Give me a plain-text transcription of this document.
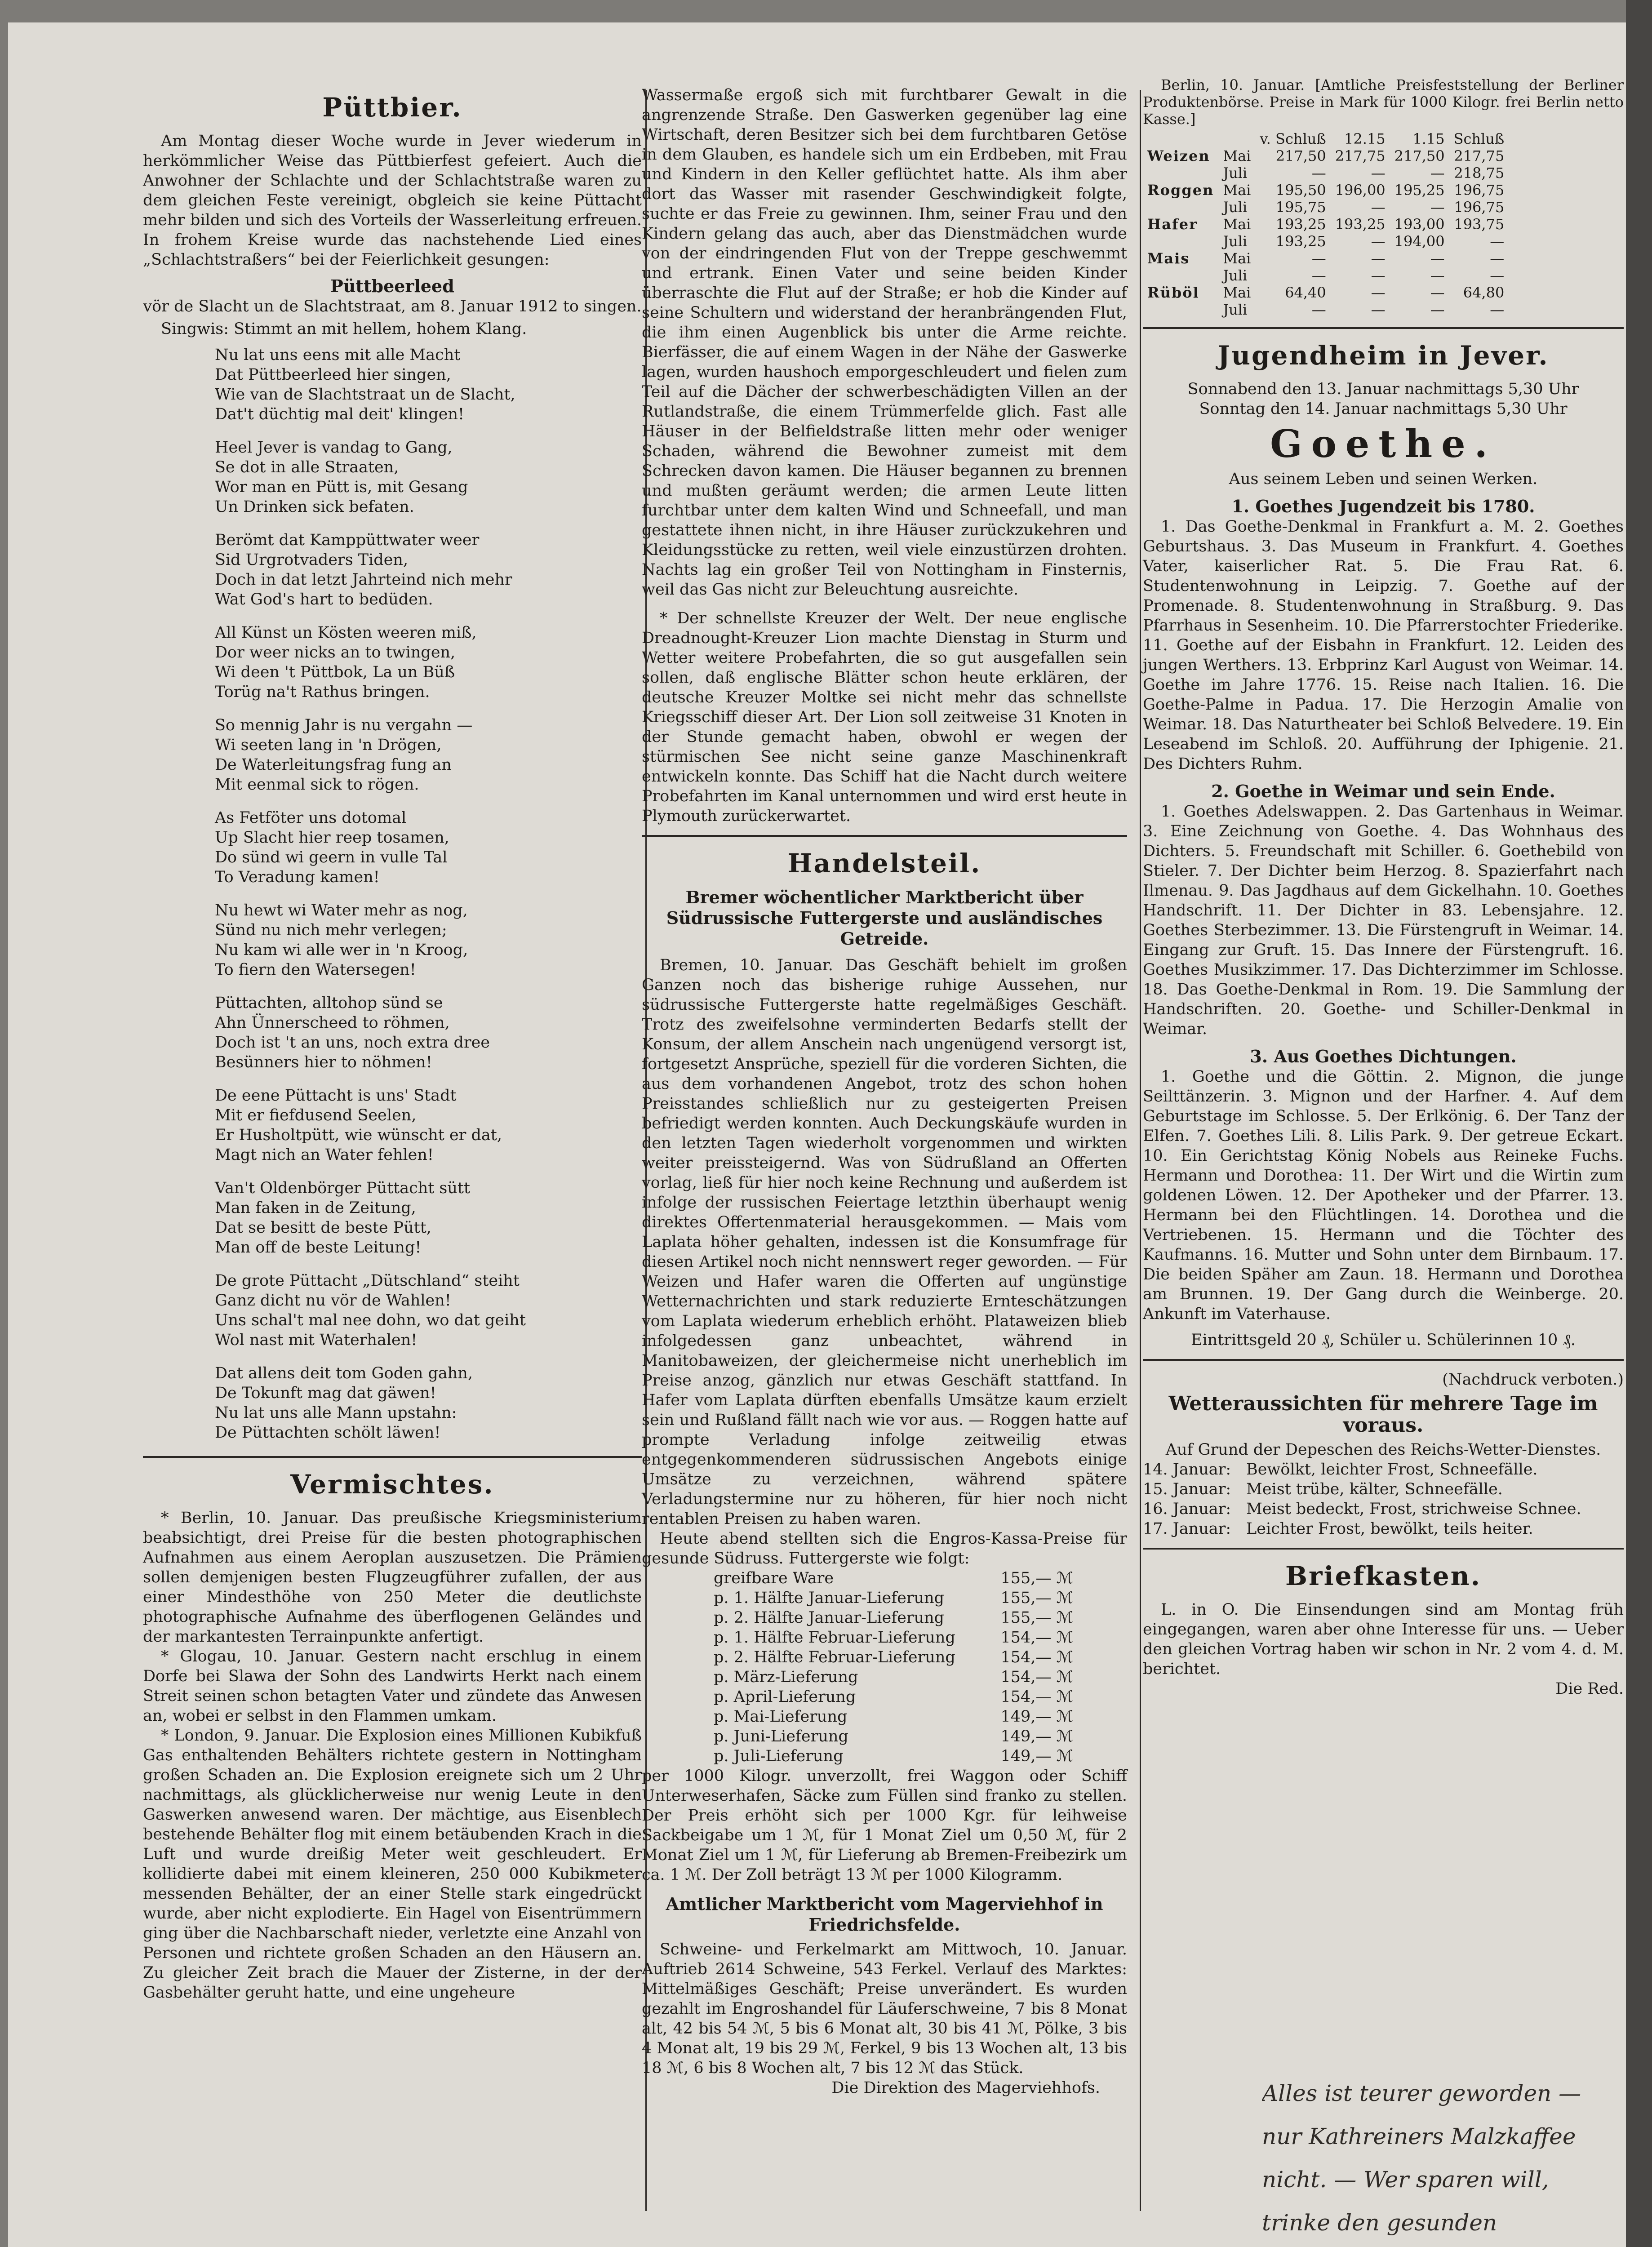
Püttbier.

Am Montag dieser Woche wurde in Jever wiederum in herkömmlicher Weise das Püttbierfest gefeiert. Auch die Anwohner der Schlachte und der Schlachtstraße waren zu dem gleichen Feste vereinigt, obgleich sie keine Püttacht mehr bilden und sich des Vorteils der Wasserleitung erfreuen. In frohem Kreise wurde das nachstehende Lied eines „Schlachtstraßers“ bei der Feierlichkeit gesungen:

Püttbeerleed
vör de Slacht un de Slachtstraat, am 8. Januar 1912 to singen.
Singwis: Stimmt an mit hellem, hohem Klang.
Nu lat uns eens mit alle Macht
Dat Püttbeerleed hier singen,
Wie van de Slachtstraat un de Slacht,
Dat't düchtig mal deit' klingen!
Heel Jever is vandag to Gang,
Se dot in alle Straaten,
Wor man en Pütt is, mit Gesang
Un Drinken sick befaten.
Berömt dat Kamppüttwater weer
Sid Urgrotvaders Tiden,
Doch in dat letzt Jahrteind nich mehr
Wat God's hart to bedüden.
All Künst un Kösten weeren miß,
Dor weer nicks an to twingen,
Wi deen 't Püttbok, La un Büß
Torüg na't Rathus bringen.
So mennig Jahr is nu vergahn —
Wi seeten lang in 'n Drögen,
De Waterleitungsfrag fung an
Mit eenmal sick to rögen.
As Fetföter uns dotomal
Up Slacht hier reep tosamen,
Do sünd wi geern in vulle Tal
To Veradung kamen!
Nu hewt wi Water mehr as nog,
Sünd nu nich mehr verlegen;
Nu kam wi alle wer in 'n Kroog,
To fiern den Watersegen!
Püttachten, alltohop sünd se
Ahn Ünnerscheed to röhmen,
Doch ist 't an uns, noch extra dree
Besünners hier to nöhmen!
De eene Püttacht is uns' Stadt
Mit er fiefdusend Seelen,
Er Husholtpütt, wie wünscht er dat,
Magt nich an Water fehlen!
Van't Oldenbörger Püttacht sütt
Man faken in de Zeitung,
Dat se besitt de beste Pütt,
Man off de beste Leitung!
De grote Püttacht „Dütschland“ steiht
Ganz dicht nu vör de Wahlen!
Uns schal't mal nee dohn, wo dat geiht
Wol nast mit Waterhalen!
Dat allens deit tom Goden gahn,
De Tokunft mag dat gäwen!
Nu lat uns alle Mann upstahn:
De Püttachten schölt läwen!
Vermischtes.

* Berlin, 10. Januar. Das preußische Kriegsministerium beabsichtigt, drei Preise für die besten photographischen Aufnahmen aus einem Aeroplan auszusetzen. Die Prämien sollen demjenigen besten Flugzeugführer zufallen, der aus einer Mindesthöhe von 250 Meter die deutlichste photographische Aufnahme des überflogenen Geländes und der markantesten Terrainpunkte anfertigt.

* Glogau, 10. Januar. Gestern nacht erschlug in einem Dorfe bei Slawa der Sohn des Landwirts Herkt nach einem Streit seinen schon betagten Vater und zündete das Anwesen an, wobei er selbst in den Flammen umkam.

* London, 9. Januar. Die Explosion eines Millionen Kubikfuß Gas enthaltenden Behälters richtete gestern in Nottingham großen Schaden an. Die Explosion ereignete sich um 2 Uhr nachmittags, als glücklicherweise nur wenig Leute in den Gaswerken anwesend waren. Der mächtige, aus Eisenblech bestehende Behälter flog mit einem betäubenden Krach in die Luft und wurde dreißig Meter weit geschleudert. Er kollidierte dabei mit einem kleineren, 250 000 Kubikmeter messenden Behälter, der an einer Stelle stark eingedrückt wurde, aber nicht explodierte. Ein Hagel von Eisentrümmern ging über die Nachbarschaft nieder, verletzte eine Anzahl von Personen und richtete großen Schaden an den Häusern an. Zu gleicher Zeit brach die Mauer der Zisterne, in der der Gasbehälter geruht hatte, und eine ungeheure

Wassermaße ergoß sich mit furchtbarer Gewalt in die angrenzende Straße. Den Gaswerken gegenüber lag eine Wirtschaft, deren Besitzer sich bei dem furchtbaren Getöse in dem Glauben, es handele sich um ein Erdbeben, mit Frau und Kindern in den Keller geflüchtet hatte. Als ihm aber dort das Wasser mit rasender Geschwindigkeit folgte, suchte er das Freie zu gewinnen. Ihm, seiner Frau und den Kindern gelang das auch, aber das Dienstmädchen wurde von der eindringenden Flut von der Treppe geschwemmt und ertrank. Einen Vater und seine beiden Kinder überraschte die Flut auf der Straße; er hob die Kinder auf seine Schultern und widerstand der heranbrängenden Flut, die ihm einen Augenblick bis unter die Arme reichte. Bierfässer, die auf einem Wagen in der Nähe der Gaswerke lagen, wurden haushoch emporgeschleudert und fielen zum Teil auf die Dächer der schwerbeschädigten Villen an der Rutlandstraße, die einem Trümmerfelde glich. Fast alle Häuser in der Belfieldstraße litten mehr oder weniger Schaden, während die Bewohner zumeist mit dem Schrecken davon kamen. Die Häuser begannen zu brennen und mußten geräumt werden; die armen Leute litten furchtbar unter dem kalten Wind und Schneefall, und man gestattete ihnen nicht, in ihre Häuser zurückzukehren und Kleidungsstücke zu retten, weil viele einzustürzen drohten. Nachts lag ein großer Teil von Nottingham in Finsternis, weil das Gas nicht zur Beleuchtung ausreichte.

* Der schnellste Kreuzer der Welt. Der neue englische Dreadnought-Kreuzer Lion machte Dienstag in Sturm und Wetter weitere Probefahrten, die so gut ausgefallen sein sollen, daß englische Blätter schon heute erklären, der deutsche Kreuzer Moltke sei nicht mehr das schnellste Kriegsschiff dieser Art. Der Lion soll zeitweise 31 Knoten in der Stunde gemacht haben, obwohl er wegen der stürmischen See nicht seine ganze Maschinenkraft entwickeln konnte. Das Schiff hat die Nacht durch weitere Probefahrten im Kanal unternommen und wird erst heute in Plymouth zurückerwartet.

Handelsteil.
Bremer wöchentlicher Marktbericht über Südrussische Futtergerste und ausländisches Getreide.

Bremen, 10. Januar. Das Geschäft behielt im großen Ganzen noch das bisherige ruhige Aussehen, nur südrussische Futtergerste hatte regelmäßiges Geschäft. Trotz des zweifelsohne verminderten Bedarfs stellt der Konsum, der allem Anschein nach ungenügend versorgt ist, fortgesetzt Ansprüche, speziell für die vorderen Sichten, die aus dem vorhandenen Angebot, trotz des schon hohen Preisstandes schließlich nur zu gesteigerten Preisen befriedigt werden konnten. Auch Deckungskäufe wurden in den letzten Tagen wiederholt vorgenommen und wirkten weiter preissteigernd. Was von Südrußland an Offerten vorlag, ließ für hier noch keine Rechnung und außerdem ist infolge der russischen Feiertage letzthin überhaupt wenig direktes Offertenmaterial herausgekommen. — Mais vom Laplata höher gehalten, indessen ist die Konsumfrage für diesen Artikel noch nicht nennswert reger geworden. — Für Weizen und Hafer waren die Offerten auf ungünstige Wetternachrichten und stark reduzierte Ernteschätzungen vom Laplata wiederum erheblich erhöht. Plataweizen blieb infolgedessen ganz unbeachtet, während in Manitobaweizen, der gleichermeise nicht unerheblich im Preise anzog, gänzlich nur etwas Geschäft stattfand. In Hafer vom Laplata dürften ebenfalls Umsätze kaum erzielt sein und Rußland fällt nach wie vor aus. — Roggen hatte auf prompte Verladung infolge zeitweilig etwas entgegenkommenderen südrussischen Angebots einige Umsätze zu verzeichnen, während spätere Verladungstermine nur zu höheren, für hier noch nicht rentablen Preisen zu haben waren.

Heute abend stellten sich die Engros-Kassa-Preise für gesunde Südruss. Futtergerste wie folgt:

greifbare Ware	155,— ℳ
p. 1. Hälfte Januar-Lieferung	155,— ℳ
p. 2. Hälfte Januar-Lieferung	155,— ℳ
p. 1. Hälfte Februar-Lieferung	154,— ℳ
p. 2. Hälfte Februar-Lieferung	154,— ℳ
p. März-Lieferung	154,— ℳ
p. April-Lieferung	154,— ℳ
p. Mai-Lieferung	149,— ℳ
p. Juni-Lieferung	149,— ℳ
p. Juli-Lieferung	149,— ℳ

per 1000 Kilogr. unverzollt, frei Waggon oder Schiff Unterweserhafen, Säcke zum Füllen sind franko zu stellen. Der Preis erhöht sich per 1000 Kgr. für leihweise Sackbeigabe um 1 ℳ, für 1 Monat Ziel um 0,50 ℳ, für 2 Monat Ziel um 1 ℳ, für Lieferung ab Bremen-Freibezirk um ca. 1 ℳ. Der Zoll beträgt 13 ℳ per 1000 Kilogramm.

Amtlicher Marktbericht vom Magerviehhof in Friedrichsfelde.

Schweine- und Ferkelmarkt am Mittwoch, 10. Januar. Auftrieb 2614 Schweine, 543 Ferkel. Verlauf des Marktes: Mittelmäßiges Geschäft; Preise unverändert. Es wurden gezahlt im Engroshandel für Läuferschweine, 7 bis 8 Monat alt, 42 bis 54 ℳ, 5 bis 6 Monat alt, 30 bis 41 ℳ, Pölke, 3 bis 4 Monat alt, 19 bis 29 ℳ, Ferkel, 9 bis 13 Wochen alt, 13 bis 18 ℳ, 6 bis 8 Wochen alt, 7 bis 12 ℳ das Stück.

Die Direktion des Magerviehhofs.

Berlin, 10. Januar. [Amtliche Preisfeststellung der Berliner Produktenbörse. Preise in Mark für 1000 Kilogr. frei Berlin netto Kasse.]

		v. Schluß	12.15	1.15	Schluß
Weizen	Mai	217,50	217,75	217,50	217,75
	Juli	—	—	—	218,75
Roggen	Mai	195,50	196,00	195,25	196,75
	Juli	195,75	—	—	196,75
Hafer	Mai	193,25	193,25	193,00	193,75
	Juli	193,25	—	194,00	—
Mais	Mai	—	—	—	—
	Juli	—	—	—	—
Rüböl	Mai	64,40	—	—	64,80
	Juli	—	—	—	—
Jugendheim in Jever.
Sonnabend den 13. Januar nachmittags 5,30 Uhr
Sonntag den 14. Januar nachmittags 5,30 Uhr
Goethe.
Aus seinem Leben und seinen Werken.
1. Goethes Jugendzeit bis 1780.

1. Das Goethe-Denkmal in Frankfurt a. M. 2. Goethes Geburtshaus. 3. Das Museum in Frankfurt. 4. Goethes Vater, kaiserlicher Rat. 5. Die Frau Rat. 6. Studentenwohnung in Leipzig. 7. Goethe auf der Promenade. 8. Studentenwohnung in Straßburg. 9. Das Pfarrhaus in Sesenheim. 10. Die Pfarrerstochter Friederike. 11. Goethe auf der Eisbahn in Frankfurt. 12. Leiden des jungen Werthers. 13. Erbprinz Karl August von Weimar. 14. Goethe im Jahre 1776. 15. Reise nach Italien. 16. Die Goethe-Palme in Padua. 17. Die Herzogin Amalie von Weimar. 18. Das Naturtheater bei Schloß Belvedere. 19. Ein Leseabend im Schloß. 20. Aufführung der Iphigenie. 21. Des Dichters Ruhm.

2. Goethe in Weimar und sein Ende.

1. Goethes Adelswappen. 2. Das Gartenhaus in Weimar. 3. Eine Zeichnung von Goethe. 4. Das Wohnhaus des Dichters. 5. Freundschaft mit Schiller. 6. Goethebild von Stieler. 7. Der Dichter beim Herzog. 8. Spazierfahrt nach Ilmenau. 9. Das Jagdhaus auf dem Gickelhahn. 10. Goethes Handschrift. 11. Der Dichter in 83. Lebensjahre. 12. Goethes Sterbezimmer. 13. Die Fürstengruft in Weimar. 14. Eingang zur Gruft. 15. Das Innere der Fürstengruft. 16. Goethes Musikzimmer. 17. Das Dichterzimmer im Schlosse. 18. Das Goethe-Denkmal in Rom. 19. Die Sammlung der Handschriften. 20. Goethe- und Schiller-Denkmal in Weimar.

3. Aus Goethes Dichtungen.

1. Goethe und die Göttin. 2. Mignon, die junge Seilttänzerin. 3. Mignon und der Harfner. 4. Auf dem Geburtstage im Schlosse. 5. Der Erlkönig. 6. Der Tanz der Elfen. 7. Goethes Lili. 8. Lilis Park. 9. Der getreue Eckart. 10. Ein Gerichtstag König Nobels aus Reineke Fuchs. Hermann und Dorothea: 11. Der Wirt und die Wirtin zum goldenen Löwen. 12. Der Apotheker und der Pfarrer. 13. Hermann bei den Flüchtlingen. 14. Dorothea und die Vertriebenen. 15. Hermann und die Töchter des Kaufmanns. 16. Mutter und Sohn unter dem Birnbaum. 17. Die beiden Späher am Zaun. 18. Hermann und Dorothea am Brunnen. 19. Der Gang durch die Weinberge. 20. Ankunft im Vaterhause.

Eintrittsgeld 20 ₰, Schüler u. Schülerinnen 10 ₰.
(Nachdruck verboten.)
Wetteraussichten für mehrere Tage im voraus.
Auf Grund der Depeschen des Reichs-Wetter-Dienstes.
14. Januar: Bewölkt, leichter Frost, Schneefälle.
15. Januar: Meist trübe, kälter, Schneefälle.
16. Januar: Meist bedeckt, Frost, strichweise Schnee.
17. Januar: Leichter Frost, bewölkt, teils heiter.
Briefkasten.

L. in O. Die Einsendungen sind am Montag früh eingegangen, waren aber ohne Interesse für uns. — Ueber den gleichen Vortrag haben wir schon in Nr. 2 vom 4. d. M. berichtet.

Die Red.
Alles ist teurer geworden —
nur Kathreiners Malzkaffee
nicht. — Wer sparen will,
trinke den gesunden
